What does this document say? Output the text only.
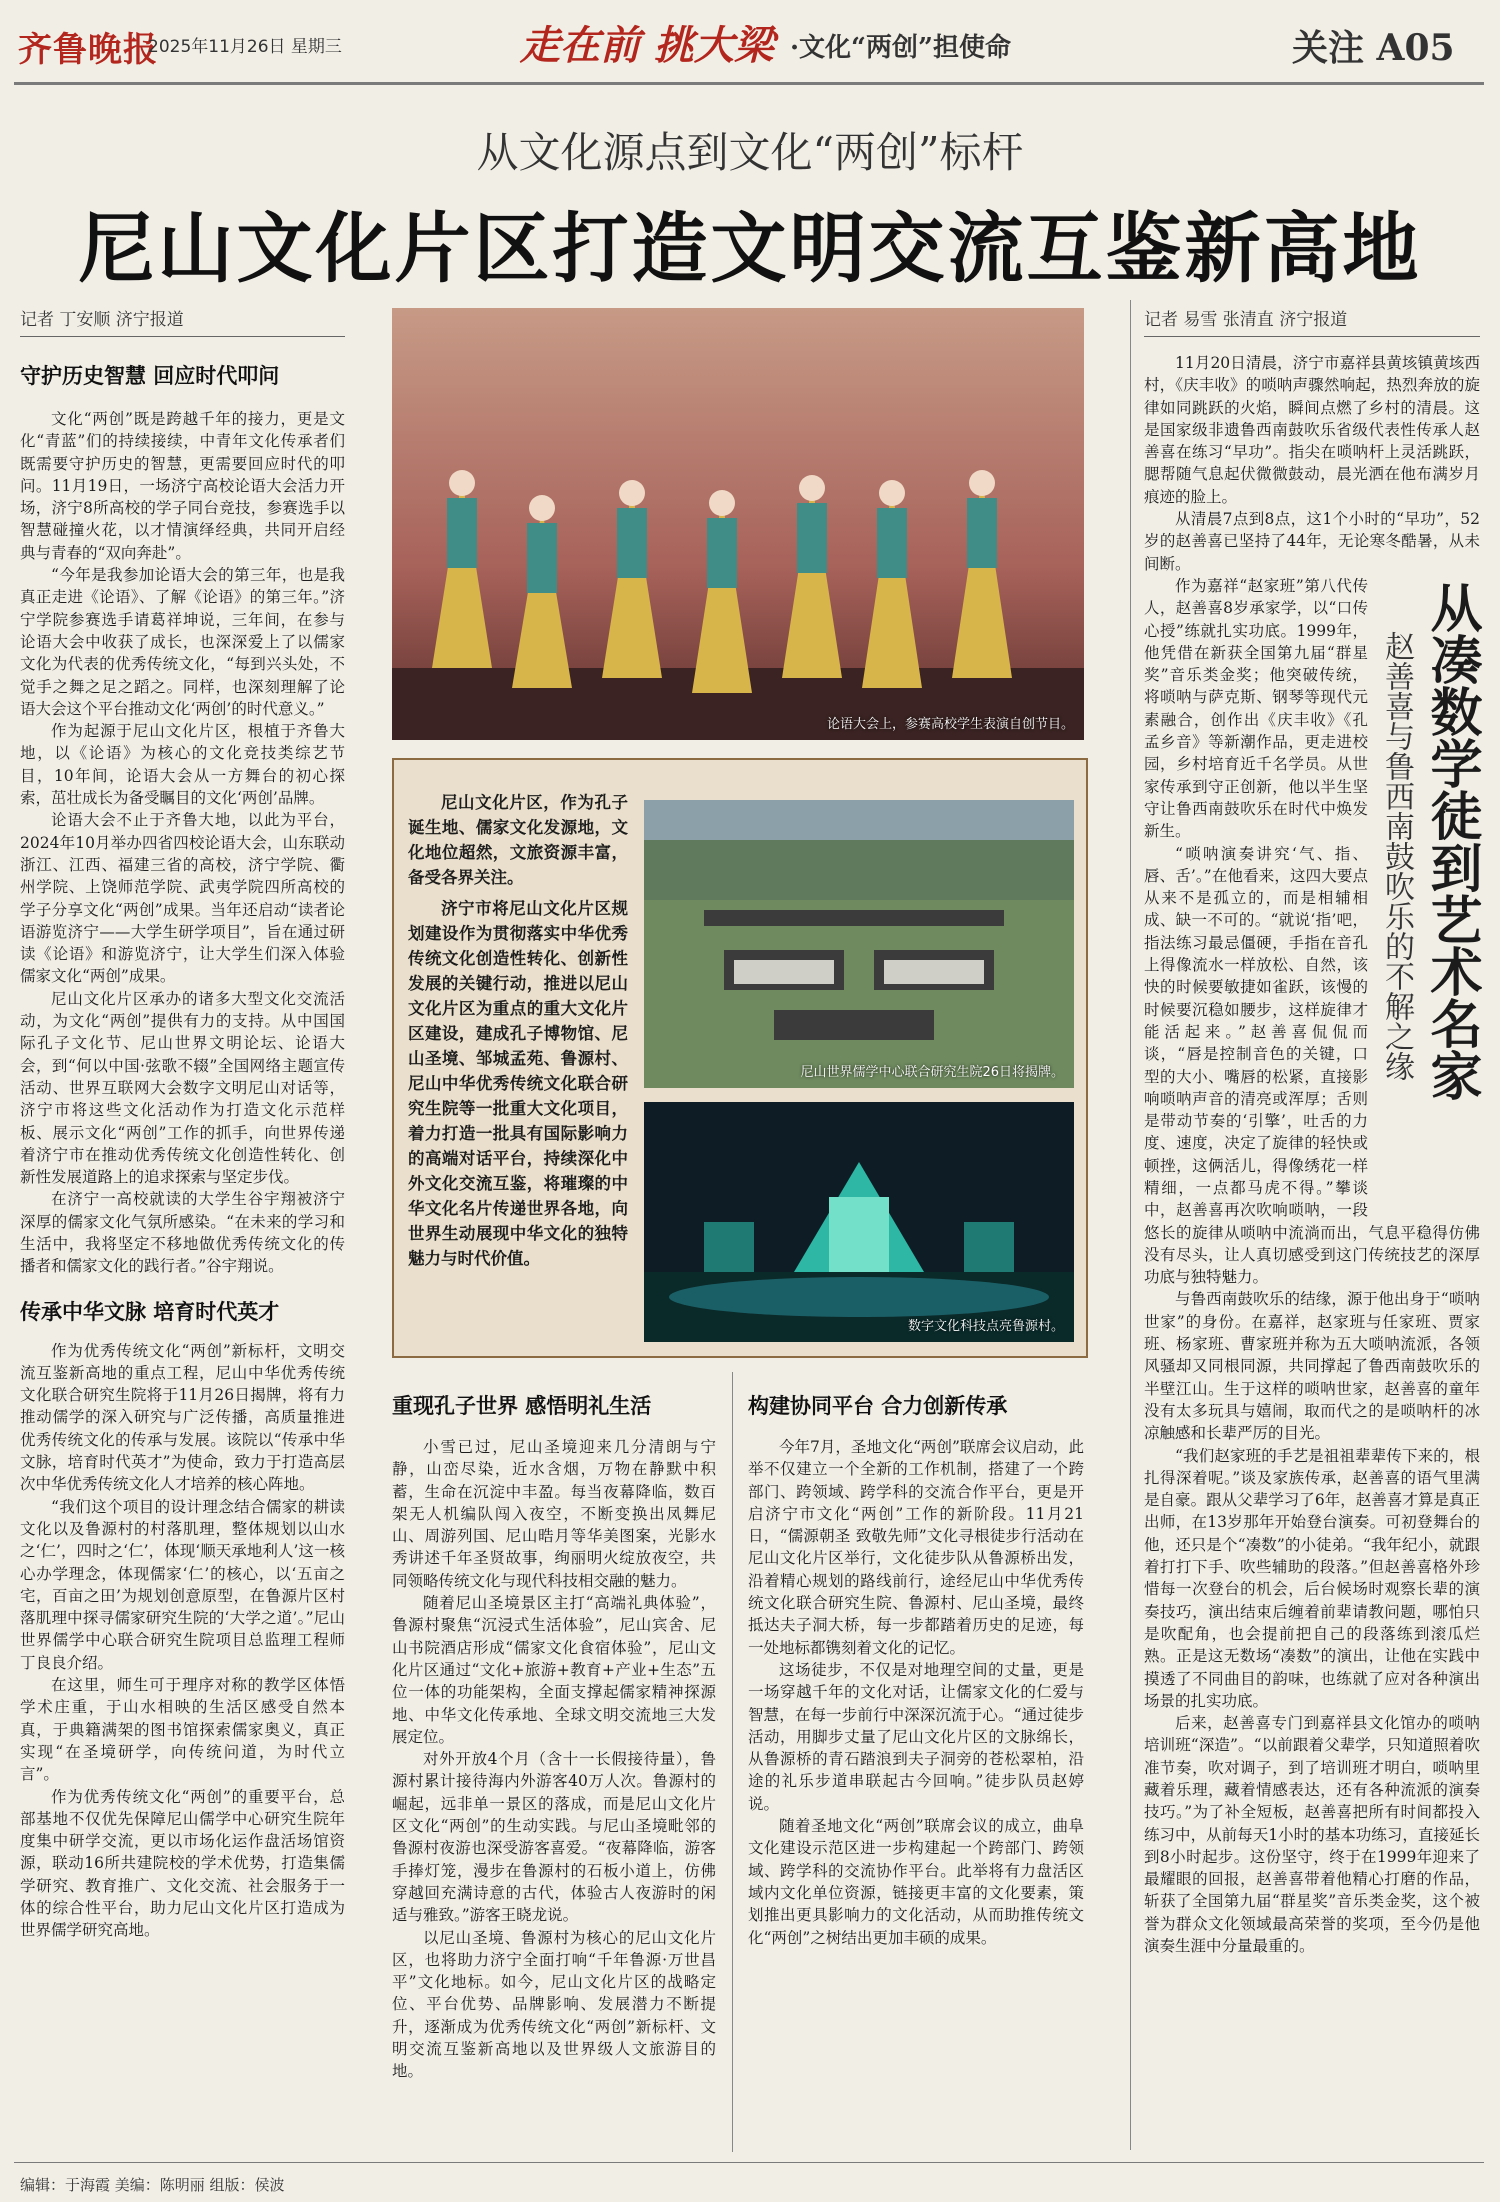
齐鲁晚报
2025年11月26日 星期三	走在前 挑大梁 ·文化“两创”担使命	关注 A05
从文化源点到文化“两创”标杆
尼山文化片区打造文明交流互鉴新高地
记者 丁安顺 济宁报道
守护历史智慧 回应时代叩问

文化“两创”既是跨越千年的接力，更是文化“青蓝”们的持续接续，中青年文化传承者们既需要守护历史的智慧，更需要回应时代的叩问。11月19日，一场济宁高校论语大会活力开场，济宁8所高校的学子同台竞技，参赛选手以智慧碰撞火花，以才情演绎经典，共同开启经典与青春的“双向奔赴”。

“今年是我参加论语大会的第三年，也是我真正走进《论语》、了解《论语》的第三年。”济宁学院参赛选手请葛祥坤说，三年间，在参与论语大会中收获了成长，也深深爱上了以儒家文化为代表的优秀传统文化，“每到兴头处，不觉手之舞之足之蹈之。同样，也深刻理解了论语大会这个平台推动文化‘两创’的时代意义。”

作为起源于尼山文化片区，根植于齐鲁大地，以《论语》为核心的文化竞技类综艺节目，10年间，论语大会从一方舞台的初心探索，茁壮成长为备受瞩目的文化‘两创’品牌。

论语大会不止于齐鲁大地，以此为平台，2024年10月举办四省四校论语大会，山东联动浙江、江西、福建三省的高校，济宁学院、衢州学院、上饶师范学院、武夷学院四所高校的学子分享文化“两创”成果。当年还启动“读者论语游览济宁——大学生研学项目”，旨在通过研读《论语》和游览济宁，让大学生们深入体验儒家文化“两创”成果。

尼山文化片区承办的诸多大型文化交流活动，为文化“两创”提供有力的支持。从中国国际孔子文化节、尼山世界文明论坛、论语大会，到“何以中国·弦歌不辍”全国网络主题宣传活动、世界互联网大会数字文明尼山对话等，济宁市将这些文化活动作为打造文化示范样板、展示文化“两创”工作的抓手，向世界传递着济宁市在推动优秀传统文化创造性转化、创新性发展道路上的追求探索与坚定步伐。

在济宁一高校就读的大学生谷宇翔被济宁深厚的儒家文化气氛所感染。“在未来的学习和生活中，我将坚定不移地做优秀传统文化的传播者和儒家文化的践行者。”谷宇翔说。

传承中华文脉 培育时代英才

作为优秀传统文化“两创”新标杆，文明交流互鉴新高地的重点工程，尼山中华优秀传统文化联合研究生院将于11月26日揭牌，将有力推动儒学的深入研究与广泛传播，高质量推进优秀传统文化的传承与发展。该院以“传承中华文脉，培育时代英才”为使命，致力于打造高层次中华优秀传统文化人才培养的核心阵地。

“我们这个项目的设计理念结合儒家的耕读文化以及鲁源村的村落肌理，整体规划以山水之‘仁’，四时之‘仁’，体现‘顺天承地利人’这一核心办学理念，体现儒家‘仁’的核心，以‘五亩之宅，百亩之田’为规划创意原型，在鲁源片区村落肌理中探寻儒家研究生院的‘大学之道’。”尼山世界儒学中心联合研究生院项目总监理工程师丁良良介绍。

在这里，师生可于理序对称的教学区体悟学术庄重，于山水相映的生活区感受自然本真，于典籍满架的图书馆探索儒家奥义，真正实现“在圣境研学，向传统问道，为时代立言”。

作为优秀传统文化“两创”的重要平台，总部基地不仅优先保障尼山儒学中心研究生院年度集中研学交流，更以市场化运作盘活场馆资源，联动16所共建院校的学术优势，打造集儒学研究、教育推广、文化交流、社会服务于一体的综合性平台，助力尼山文化片区打造成为世界儒学研究高地。

论语大会上，参赛高校学生表演自创节目。

尼山文化片区，作为孔子诞生地、儒家文化发源地，文化地位超然，文旅资源丰富，备受各界关注。

济宁市将尼山文化片区规划建设作为贯彻落实中华优秀传统文化创造性转化、创新性发展的关键行动，推进以尼山文化片区为重点的重大文化片区建设，建成孔子博物馆、尼山圣境、邹城孟苑、鲁源村、尼山中华优秀传统文化联合研究生院等一批重大文化项目，着力打造一批具有国际影响力的高端对话平台，持续深化中外文化交流互鉴，将璀璨的中华文化名片传递世界各地，向世界生动展现中华文化的独特魅力与时代价值。

尼山世界儒学中心联合研究生院26日将揭牌。
数字文化科技点亮鲁源村。
重现孔子世界 感悟明礼生活

小雪已过，尼山圣境迎来几分清朗与宁静，山峦尽染，近水含烟，万物在静默中积蓄，生命在沉淀中丰盈。每当夜幕降临，数百架无人机编队闯入夜空，不断变换出凤舞尼山、周游列国、尼山晧月等华美图案，光影水秀讲述千年圣贤故事，绚丽明火绽放夜空，共同领略传统文化与现代科技相交融的魅力。

随着尼山圣境景区主打“高端礼典体验”，鲁源村聚焦“沉浸式生活体验”，尼山宾舍、尼山书院酒店形成“儒家文化食宿体验”，尼山文化片区通过“文化+旅游+教育+产业+生态”五位一体的功能架构，全面支撑起儒家精神探源地、中华文化传承地、全球文明交流地三大发展定位。

对外开放4个月（含十一长假接待量），鲁源村累计接待海内外游客40万人次。鲁源村的崛起，远非单一景区的落成，而是尼山文化片区文化“两创”的生动实践。与尼山圣境毗邻的鲁源村夜游也深受游客喜爱。“夜幕降临，游客手捧灯笼，漫步在鲁源村的石板小道上，仿佛穿越回充满诗意的古代，体验古人夜游时的闲适与雅致。”游客王晓龙说。

以尼山圣境、鲁源村为核心的尼山文化片区，也将助力济宁全面打响“千年鲁源·万世昌平”文化地标。如今，尼山文化片区的战略定位、平台优势、品牌影响、发展潜力不断提升，逐渐成为优秀传统文化“两创”新标杆、文明交流互鉴新高地以及世界级人文旅游目的地。

构建协同平台 合力创新传承

今年7月，圣地文化“两创”联席会议启动，此举不仅建立一个全新的工作机制，搭建了一个跨部门、跨领域、跨学科的交流合作平台，更是开启济宁市文化“两创”工作的新阶段。11月21日，“儒源朝圣 致敬先师”文化寻根徒步行活动在尼山文化片区举行，文化徒步队从鲁源桥出发，沿着精心规划的路线前行，途经尼山中华优秀传统文化联合研究生院、鲁源村、尼山圣境，最终抵达夫子洞大桥，每一步都踏着历史的足迹，每一处地标都镌刻着文化的记忆。

这场徒步，不仅是对地理空间的丈量，更是一场穿越千年的文化对话，让儒家文化的仁爱与智慧，在每一步前行中深深沉流于心。“通过徒步活动，用脚步丈量了尼山文化片区的文脉绵长，从鲁源桥的青石踏浪到夫子洞旁的苍松翠柏，沿途的礼乐步道串联起古今回响。”徒步队员赵婷说。

随着圣地文化“两创”联席会议的成立，曲阜文化建设示范区进一步构建起一个跨部门、跨领域、跨学科的交流协作平台。此举将有力盘活区域内文化单位资源，链接更丰富的文化要素，策划推出更具影响力的文化活动，从而助推传统文化“两创”之树结出更加丰硕的成果。

记者 易雪 张清直 济宁报道

11月20日清晨，济宁市嘉祥县黄垓镇黄垓西村，《庆丰收》的唢呐声骤然响起，热烈奔放的旋律如同跳跃的火焰，瞬间点燃了乡村的清晨。这是国家级非遗鲁西南鼓吹乐省级代表性传承人赵善喜在练习“早功”。指尖在唢呐杆上灵活跳跃，腮帮随气息起伏微微鼓动，晨光洒在他布满岁月痕迹的脸上。

从清晨7点到8点，这1个小时的“早功”，52岁的赵善喜已坚持了44年，无论寒冬酷暑，从未间断。

从凑数学徒到艺术名家
赵善喜与鲁西南鼓吹乐的不解之缘

作为嘉祥“赵家班”第八代传人，赵善喜8岁承家学，以“口传心授”练就扎实功底。1999年，他凭借在新获全国第九届“群星奖”音乐类金奖；他突破传统，将唢呐与萨克斯、钢琴等现代元素融合，创作出《庆丰收》《孔孟乡音》等新潮作品，更走进校园，乡村培育近千名学员。从世家传承到守正创新，他以半生坚守让鲁西南鼓吹乐在时代中焕发新生。

“唢呐演奏讲究‘气、指、唇、舌’。”在他看来，这四大要点从来不是孤立的，而是相辅相成、缺一不可的。“就说‘指’吧，指法练习最忌僵硬，手指在音孔上得像流水一样放松、自然，该快的时候要敏捷如雀跃，该慢的时候要沉稳如腰步，这样旋律才能活起来。”赵善喜侃侃而谈，“唇是控制音色的关键，口型的大小、嘴唇的松紧，直接影响唢呐声音的清亮或浑厚；舌则是带动节奏的‘引擎’，吐舌的力度、速度，决定了旋律的轻快或顿挫，这俩活儿，得像绣花一样精细，一点都马虎不得。”攀谈中，赵善喜再次吹响唢呐，一段悠长的旋律从唢呐中流淌而出，气息平稳得仿佛没有尽头，让人真切感受到这门传统技艺的深厚功底与独特魅力。

与鲁西南鼓吹乐的结缘，源于他出身于“唢呐世家”的身份。在嘉祥，赵家班与任家班、贾家班、杨家班、曹家班并称为五大唢呐流派，各领风骚却又同根同源，共同撑起了鲁西南鼓吹乐的半壁江山。生于这样的唢呐世家，赵善喜的童年没有太多玩具与嬉闹，取而代之的是唢呐杆的冰凉触感和长辈严厉的目光。

“我们赵家班的手艺是祖祖辈辈传下来的，根扎得深着呢。”谈及家族传承，赵善喜的语气里满是自豪。跟从父辈学习了6年，赵善喜才算是真正出师，在13岁那年开始登台演奏。可初登舞台的他，还只是个“凑数”的小徒弟。“我年纪小，就跟着打打下手、吹些辅助的段落。”但赵善喜格外珍惜每一次登台的机会，后台候场时观察长辈的演奏技巧，演出结束后缠着前辈请教问题，哪怕只是吹配角，也会提前把自己的段落练到滚瓜烂熟。正是这无数场“凑数”的演出，让他在实践中摸透了不同曲目的韵味，也练就了应对各种演出场景的扎实功底。

后来，赵善喜专门到嘉祥县文化馆办的唢呐培训班“深造”。“以前跟着父辈学，只知道照着吹准节奏，吹对调子，到了培训班才明白，唢呐里藏着乐理，藏着情感表达，还有各种流派的演奏技巧。”为了补全短板，赵善喜把所有时间都投入练习中，从前每天1小时的基本功练习，直接延长到8小时起步。这份坚守，终于在1999年迎来了最耀眼的回报，赵善喜带着他精心打磨的作品，斩获了全国第九届“群星奖”音乐类金奖，这个被誉为群众文化领域最高荣誉的奖项，至今仍是他演奏生涯中分量最重的。

编辑：于海霞 美编：陈明丽 组版：侯波
